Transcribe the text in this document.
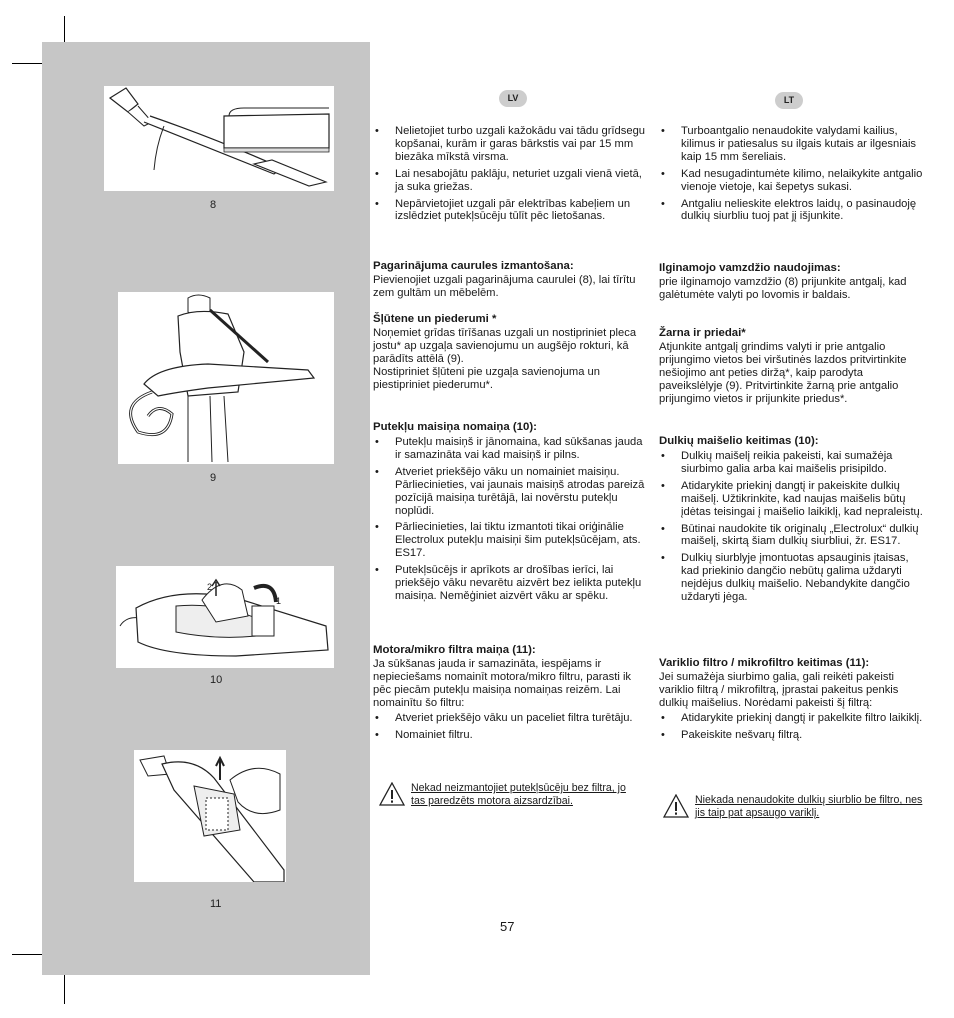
8
9
2
1
10
11
LV
• Nelietojiet turbo uzgali kažokādu vai tādu grīdsegu kopšanai, kurām ir garas bārkstis vai par 15 mm biezāka mīkstā virsma.
• Lai nesabojātu paklāju, neturiet uzgali vienā vietā, ja suka griežas.
• Nepārvietojiet uzgali pār elektrības kabeļiem un izslēdziet putekļsūcēju tūlīt pēc lietošanas.
Pagarinājuma caurules izmantošana:

Pievienojiet uzgali pagarinājuma caurulei (8), lai tīrītu zem gultām un mēbelēm.

Šļūtene un piederumi *

Noņemiet grīdas tīrīšanas uzgali un nostipriniet pleca jostu* ap uzgaļa savienojumu un augšējo rokturi, kā parādīts attēlā (9).

Nostipriniet šļūteni pie uzgaļa savienojuma un piestipriniet piederumu*.

Putekļu maisiņa nomaiņa (10):
• Putekļu maisiņš ir jānomaina, kad sūkšanas jauda ir samazināta vai kad maisiņš ir pilns.
• Atveriet priekšējo vāku un nomainiet maisiņu. Pārliecinieties, vai jaunais maisiņš atrodas pareizā pozīcijā maisiņa turētājā, lai novērstu putekļu noplūdi.
• Pārliecinieties, lai tiktu izmantoti tikai oriģinālie Electrolux putekļu maisiņi šim putekļsūcējam, ats. ES17.
• Putekļsūcējs ir aprīkots ar drošības ierīci, lai priekšējo vāku nevarētu aizvērt bez ielikta putekļu maisiņa. Neměģiniet aizvērt vāku ar spēku.
Motora/mikro filtra maiņa (11):

Ja sūkšanas jauda ir samazināta, iespējams ir nepieciešams nomainīt motora/mikro filtru, parasti ik pēc piecām putekļu maisiņa nomaiņas reizēm. Lai nomainītu šo filtru:

• Atveriet priekšējo vāku un paceliet filtra turētāju.
• Nomainiet filtru.
Nekad neizmantojiet putekļsūcēju bez filtra, jo tas paredzēts motora aizsardzībai.
LT
• Turboantgalio nenaudokite valydami kailius, kilimus ir patiesalus su ilgais kutais ar ilgesniais kaip 15 mm šereliais.
• Kad nesugadintumėte kilimo, nelaikykite antgalio vienoje vietoje, kai šepetys sukasi.
• Antgaliu nelieskite elektros laidų, o pasinaudoję dulkių siurbliu tuoj pat jį išjunkite.
Ilginamojo vamzdžio naudojimas:

prie ilginamojo vamzdžio (8) prijunkite antgalį, kad galėtumėte valyti po lovomis ir baldais.

Žarna ir priedai*

Atjunkite antgalį grindims valyti ir prie antgalio prijungimo vietos bei viršutinės lazdos pritvirtinkite nešiojimo ant peties diržą*, kaip parodyta paveikslėlyje (9). Pritvirtinkite žarną prie antgalio prijungimo vietos ir prijunkite priedus*.

Dulkių maišelio keitimas (10):
• Dulkių maišelį reikia pakeisti, kai sumažėja siurbimo galia arba kai maišelis prisipildo.
• Atidarykite priekinį dangtį ir pakeiskite dulkių maišelį. Užtikrinkite, kad naujas maišelis būtų įdėtas teisingai į maišelio laikiklį, kad nepraleistų.
• Būtinai naudokite tik originalų „Electrolux“ dulkių maišelį, skirtą šiam dulkių siurbliui, žr. ES17.
• Dulkių siurblyje įmontuotas apsauginis įtaisas, kad priekinio dangčio nebūtų galima uždaryti neįdėjus dulkių maišelio. Nebandykite dangčio uždaryti jėga.
Variklio filtro / mikrofiltro keitimas (11):

Jei sumažėja siurbimo galia, gali reikėti pakeisti variklio filtrą / mikrofiltrą, įprastai pakeitus penkis dulkių maišelius. Norėdami pakeisti šį filtrą:

• Atidarykite priekinį dangtį ir pakelkite filtro laikiklį.
• Pakeiskite nešvarų filtrą.
Niekada nenaudokite dulkių siurblio be filtro, nes jis taip pat apsaugo variklį.
57
